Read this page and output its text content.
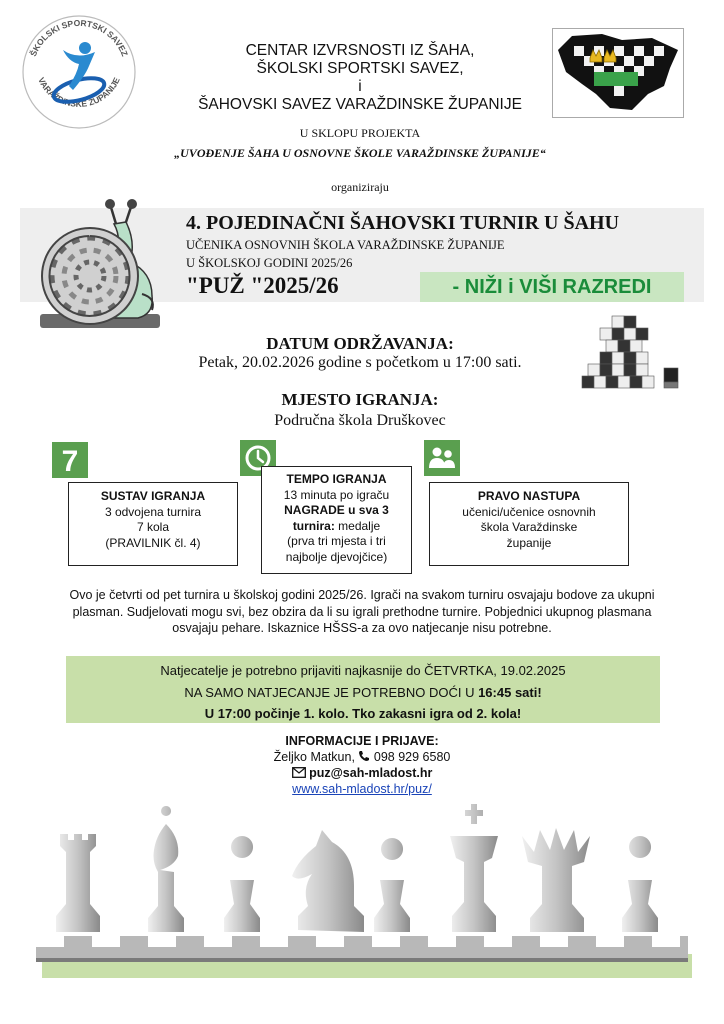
ŠKOLSKI SPORTSKI SAVEZ
VARAŽDINSKE ŽUPANIJE
CENTAR IZVRSNOSTI IZ ŠAHA,
ŠKOLSKI SPORTSKI SAVEZ,
i
ŠAHOVSKI SAVEZ VARAŽDINSKE ŽUPANIJE
U SKLOPU PROJEKTA
„UVOĐENJE ŠAHA U OSNOVNE ŠKOLE VARAŽDINSKE ŽUPANIJE“
organiziraju
4. POJEDINAČNI ŠAHOVSKI TURNIR U ŠAHU
UČENIKA OSNOVNIH ŠKOLA VARAŽDINSKE ŽUPANIJE
U ŠKOLSKOJ GODINI 2025/26
"PUŽ "2025/26	- NIŽI i VIŠI RAZREDI
DATUM ODRŽAVANJA:
Petak, 20.02.2026 godine s početkom u 17:00 sati.
MJESTO IGRANJA:
Područna škola Druškovec
7
SUSTAV IGRANJA
3 odvojena turnira
7 kola
(PRAVILNIK čl. 4)
TEMPO IGRANJA
13 minuta po igraču
NAGRADE u sva 3
turnira: medalje
(prva tri mjesta i tri
najbolje djevojčice)
PRAVO NASTUPA
učenici/učenice osnovnih
škola Varaždinske
županije
Ovo je četvrti od pet turnira u školskoj godini 2025/26. Igrači na svakom turniru osvajaju bodove za ukupni plasman. Sudjelovati mogu svi, bez obzira da li su igrali prethodne turnire. Pobjednici ukupnog plasmana osvajaju pehare. Iskaznice HŠSS-a za ovo natjecanje nisu potrebne.
Natjecatelje je potrebno prijaviti najkasnije do ČETVRTKA, 19.02.2025
NA SAMO NATJECANJE JE POTREBNO DOĆI U 16:45 sati!
U 17:00 počinje 1. kolo. Tko zakasni igra od 2. kola!
INFORMACIJE I PRIJAVE:
Željko Matkun, 098 929 6580
puz@sah-mladost.hr
www.sah-mladost.hr/puz/
